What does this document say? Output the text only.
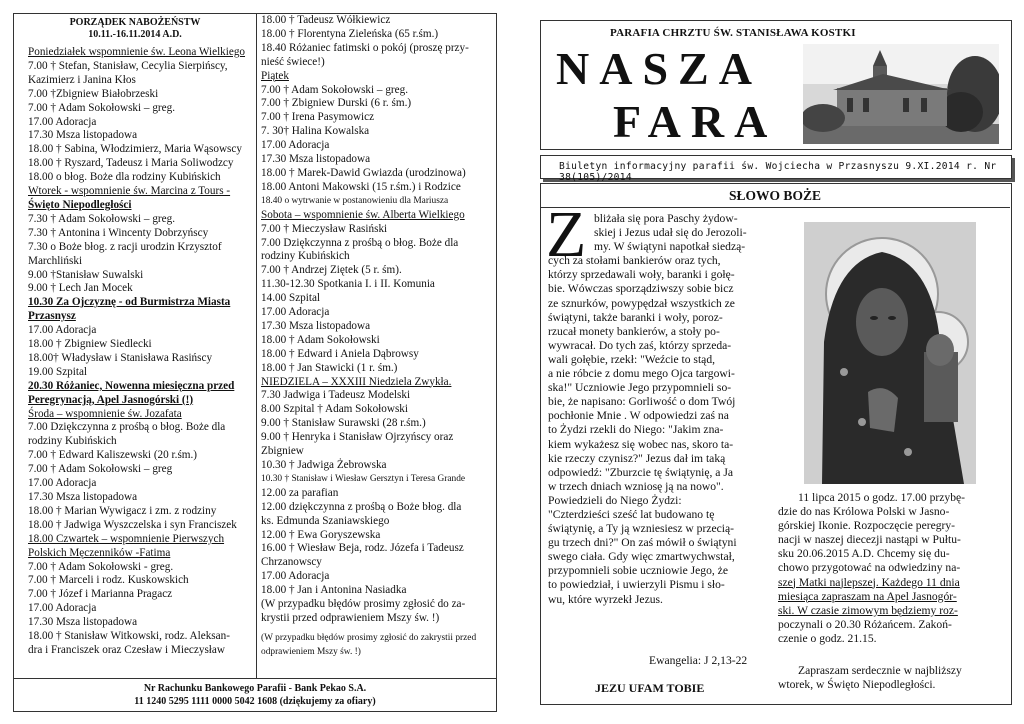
PORZĄDEK NABOŻEŃSTW
10.11.-16.11.2014 A.D.
Poniedziałek wspomnienie św. Leona Wielkiego
7.00 † Stefan, Stanisław, Cecylia Sierpińscy,
Kazimierz i Janina Kłos
7.00 †Zbigniew Białobrzeski
7.00 † Adam Sokołowski – greg.
17.00 Adoracja
17.30 Msza listopadowa
18.00 † Sabina, Włodzimierz, Maria Wąsowscy
18.00 † Ryszard, Tadeusz i Maria Soliwodzcy
18.00 o błog. Boże dla rodziny Kubińskich
Wtorek - wspomnienie św. Marcina z Tours -
Święto Niepodległości
7.30 † Adam Sokołowski – greg.
7.30 † Antonina i Wincenty Dobrzyńscy
7.30 o Boże błog. z racji urodzin Krzysztof
Marchliński
9.00 †Stanisław Suwalski
9.00 † Lech Jan Mocek
10.30 Za Ojczyznę - od Burmistrza Miasta
Przasnysz
17.00 Adoracja
18.00 † Zbigniew Siedlecki
18.00† Władysław i Stanisława Rasińscy
19.00 Szpital
20.30 Różaniec, Nowenna miesięczna przed
Peregrynacją, Apel Jasnogórski (!)
Środa – wspomnienie św. Jozafata
7.00 Dziękczynna z prośbą o błog. Boże dla
rodziny Kubińskich
7.00 † Edward Kaliszewski (20 r.śm.)
7.00 † Adam Sokołowski – greg
17.00 Adoracja
17.30 Msza listopadowa
18.00 † Marian Wywigacz i zm. z rodziny
18.00 † Jadwiga Wyszczelska i syn Franciszek
18.00 Czwartek – wspomnienie Pierwszych
Polskich Męczenników -Fatima
7.00 † Adam Sokołowski - greg.
7.00 † Marceli i rodz. Kuskowskich
7.00 † Józef i Marianna Pragacz
17.00 Adoracja
17.30 Msza listopadowa
18.00 † Stanisław Witkowski, rodz. Aleksan-
dra i Franciszek oraz Czesław i Mieczysław
18.00 † Tadeusz Wółkiewicz
18.00 † Florentyna Zieleńska (65 r.śm.)
18.40 Różaniec fatimski o pokój (proszę przy-
nieść świece!)
Piątek
7.00 † Adam Sokołowski – greg.
7.00 † Zbigniew Durski (6 r. śm.)
7.00 † Irena Pasymowicz
7. 30† Halina Kowalska
17.00 Adoracja
17.30 Msza listopadowa
18.00 † Marek-Dawid Gwiazda (urodzinowa)
18.00 Antoni Makowski (15 r.śm.) i Rodzice
18.40 o wytrwanie w postanowieniu dla Mariusza
Sobota – wspomnienie św. Alberta Wielkiego
7.00 † Mieczysław Rasiński
7.00 Dziękczynna z prośbą o błog. Boże dla
rodziny Kubińskich
7.00 † Andrzej Ziętek (5 r. śm).
11.30-12.30 Spotkania I. i II. Komunia
14.00 Szpital
17.00 Adoracja
17.30 Msza listopadowa
18.00 † Adam Sokołowski
18.00 † Edward i Aniela Dąbrowsy
18.00 † Jan Stawicki (1 r. śm.)
NIEDZIELA – XXXIII Niedziela Zwykła.
7.30 Jadwiga i Tadeusz Modelski
8.00 Szpital † Adam Sokołowski
9.00 † Stanisław Surawski (28 r.śm.)
9.00 † Henryka i Stanisław Ojrzyńscy oraz
Zbigniew
10.30 † Jadwiga Żebrowska
10.30 † Stanisław i Wiesław Gersztyn i Teresa Grande
12.00 za parafian
12.00 dziękczynna z prośbą o Boże błog. dla
ks. Edmunda Szaniawskiego
12.00 † Ewa Goryszewska
16.00 † Wiesław Beja, rodz. Józefa i Tadeusz
Chrzanowscy
17.00 Adoracja
18.00 † Jan i Antonina Nasiadka
(W przypadku błędów prosimy zgłosić do za-
krystii przed odprawieniem Mszy św. !)
(W przypadku błędów prosimy zgłosić do zakrystii przed
odprawieniem Mszy św. !)
Nr Rachunku Bankowego Parafii - Bank Pekao S.A.
11 1240 5295 1111 0000 5042 1608 (dziękujemy za ofiary)
PARAFIA CHRZTU ŚW. STANISŁAWA KOSTKI
NASZA
FARA
Biuletyn informacyjny parafii św. Wojciecha w Przasnyszu 9.XI.2014 r. Nr 38(105)/2014
SŁOWO BOŻE
Z bliżała się pora Paschy żydow-
skiej i Jezus udał się do Jerozoli-
my. W świątyni napotkał siedzą-
cych za stołami bankierów oraz tych,
którzy sprzedawali woły, baranki i gołę-
bie. Wówczas sporządziwszy sobie bicz
ze sznurków, powypędzał wszystkich ze
świątyni, także baranki i woły, poroz-
rzucał monety bankierów, a stoły po-
wywracał. Do tych zaś, którzy sprzeda-
wali gołębie, rzekł: "Weźcie to stąd,
a nie róbcie z domu mego Ojca targowi-
ska!" Uczniowie Jego przypomnieli so-
bie, że napisano: Gorliwość o dom Twój
pochłonie Mnie . W odpowiedzi zaś na
to Żydzi rzekli do Niego: "Jakim zna-
kiem wykażesz się wobec nas, skoro ta-
kie rzeczy czynisz?" Jezus dał im taką
odpowiedź: "Zburzcie tę świątynię, a Ja
w trzech dniach wzniosę ją na nowo".
Powiedzieli do Niego Żydzi:
"Czterdzieści sześć lat budowano tę
świątynię, a Ty ją wzniesiesz w przecią-
gu trzech dni?" On zaś mówił o świątyni
swego ciała. Gdy więc zmartwychwstał,
przypomnieli sobie uczniowie Jego, że
to powiedział, i uwierzyli Pismu i sło-
wu, które wyrzekł Jezus.
Ewangelia: J 2,13-22
JEZU UFAM TOBIE
11 lipca 2015 o godz. 17.00 przybę-
dzie do nas Królowa Polski w Jasno-
górskiej Ikonie. Rozpoczęcie peregry-
nacji w naszej diecezji nastąpi w Pułtu-
sku 20.06.2015 A.D. Chcemy się du-
chowo przygotować na odwiedziny na-
szej Matki najlepszej. Każdego 11 dnia
miesiąca zapraszam na Apel Jasnogór-
ski. W czasie zimowym będziemy roz-
poczynali o 20.30 Różańcem. Zakoń-
czenie o godz. 21.15.
Zapraszam serdecznie w najbliższy
wtorek, w Święto Niepodległości.
